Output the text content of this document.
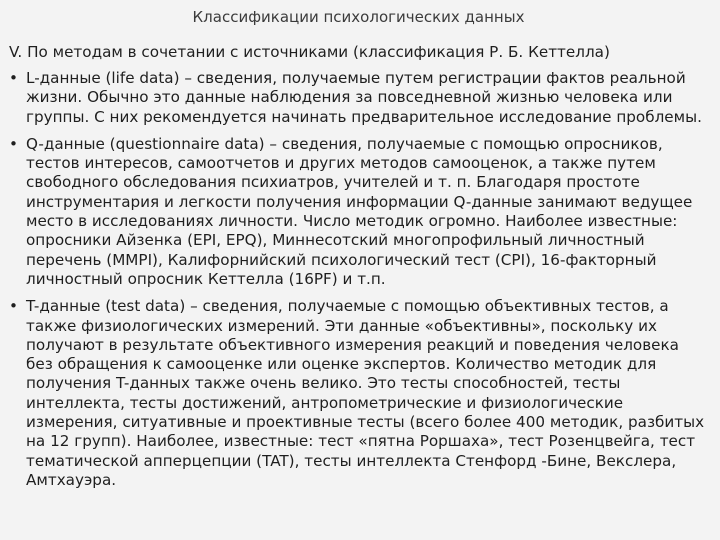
Классификации психологических данных
V. По методам в сочетании с источниками (классификация Р. Б. Кеттелла)
• L-данные (life data) – сведения, получаемые путем регистрации фактов реальной жизни. Обычно это данные наблюдения за повседневной жизнью человека или группы. С них рекомендуется начинать предварительное исследование проблемы.
• Q-данные (questionnaire data) – сведения, получаемые с помощью опросников, тестов интересов, самоотчетов и других методов самооценок, а также путем свободного обследования психиатров, учителей и т. п. Благодаря простоте инструментария и легкости получения информации Q-данные занимают ведущее место в исследованиях личности. Число методик огромно. Наиболее известные: опросники Айзенка (EPI, EPQ), Миннесотский многопрофильный личностный перечень (MMPI), Калифорнийский психологический тест (CPI), 16-факторный личностный опросник Кеттелла (16PF) и т.п.
• T-данные (test data) – сведения, получаемые с помощью объективных тестов, а также физиологических измерений. Эти данные «объективны», поскольку их получают в результате объективного измерения реакций и поведения человека без обращения к самооценке или оценке экспертов. Количество методик для получения T-данных также очень велико. Это тесты способностей, тесты интеллекта, тесты достижений, антропометрические и физиологические измерения, ситуативные и проективные тесты (всего более 400 методик, разбитых на 12 групп). Наиболее, известные: тест «пятна Роршаха», тест Розенцвейга, тест тематической апперцепции (TAT), тесты интеллекта Стенфорд -Бине, Векслера, Амтхауэра.
